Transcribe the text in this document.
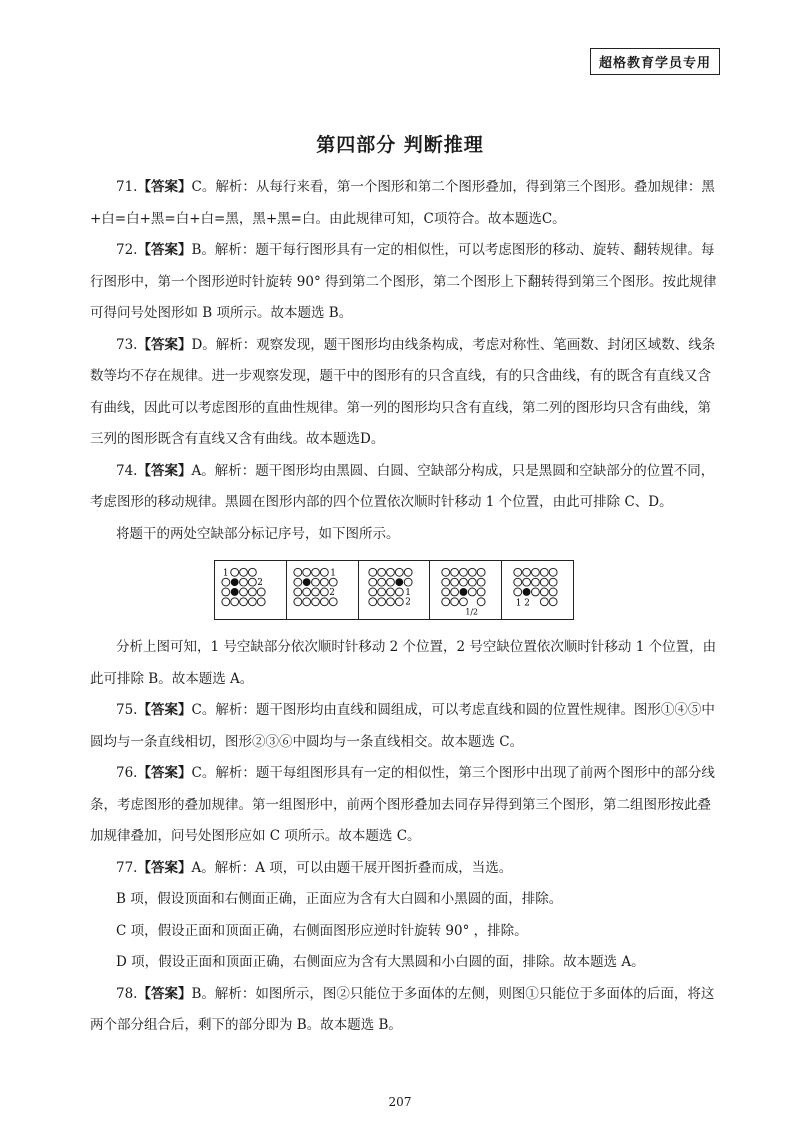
超格教育学员专用
第四部分 判断推理

71.【答案】C。解析：从每行来看，第一个图形和第二个图形叠加，得到第三个图形。叠加规律：黑+白=白+黑=白+白=黑，黑+黑=白。由此规律可知，C项符合。故本题选C。

72.【答案】B。解析：题干每行图形具有一定的相似性，可以考虑图形的移动、旋转、翻转规律。每行图形中，第一个图形逆时针旋转 90° 得到第二个图形，第二个图形上下翻转得到第三个图形。按此规律可得问号处图形如 B 项所示。故本题选 B。

73.【答案】D。解析：观察发现，题干图形均由线条构成，考虑对称性、笔画数、封闭区域数、线条数等均不存在规律。进一步观察发现，题干中的图形有的只含直线，有的只含曲线，有的既含有直线又含有曲线，因此可以考虑图形的直曲性规律。第一列的图形均只含有直线，第二列的图形均只含有曲线，第三列的图形既含有直线又含有曲线。故本题选D。

74.【答案】A。解析：题干图形均由黑圆、白圆、空缺部分构成，只是黑圆和空缺部分的位置不同，考虑图形的移动规律。黑圆在图形内部的四个位置依次顺时针移动 1 个位置，由此可排除 C、D。

将题干的两处空缺部分标记序号，如下图所示。

1
2
1
2	1
2
1/2
1 2

分析上图可知，1 号空缺部分依次顺时针移动 2 个位置，2 号空缺位置依次顺时针移动 1 个位置，由此可排除 B。故本题选 A。

75.【答案】C。解析：题干图形均由直线和圆组成，可以考虑直线和圆的位置性规律。图形①④⑤中圆均与一条直线相切，图形②③⑥中圆均与一条直线相交。故本题选 C。

76.【答案】C。解析：题干每组图形具有一定的相似性，第三个图形中出现了前两个图形中的部分线条，考虑图形的叠加规律。第一组图形中，前两个图形叠加去同存异得到第三个图形，第二组图形按此叠加规律叠加，问号处图形应如 C 项所示。故本题选 C。

77.【答案】A。解析：A 项，可以由题干展开图折叠而成，当选。

B 项，假设顶面和右侧面正确，正面应为含有大白圆和小黑圆的面，排除。

C 项，假设正面和顶面正确，右侧面图形应逆时针旋转 90° ，排除。

D 项，假设正面和顶面正确，右侧面应为含有大黑圆和小白圆的面，排除。故本题选 A。

78.【答案】B。解析：如图所示，图②只能位于多面体的左侧，则图①只能位于多面体的后面，将这两个部分组合后，剩下的部分即为 B。故本题选 B。

207
